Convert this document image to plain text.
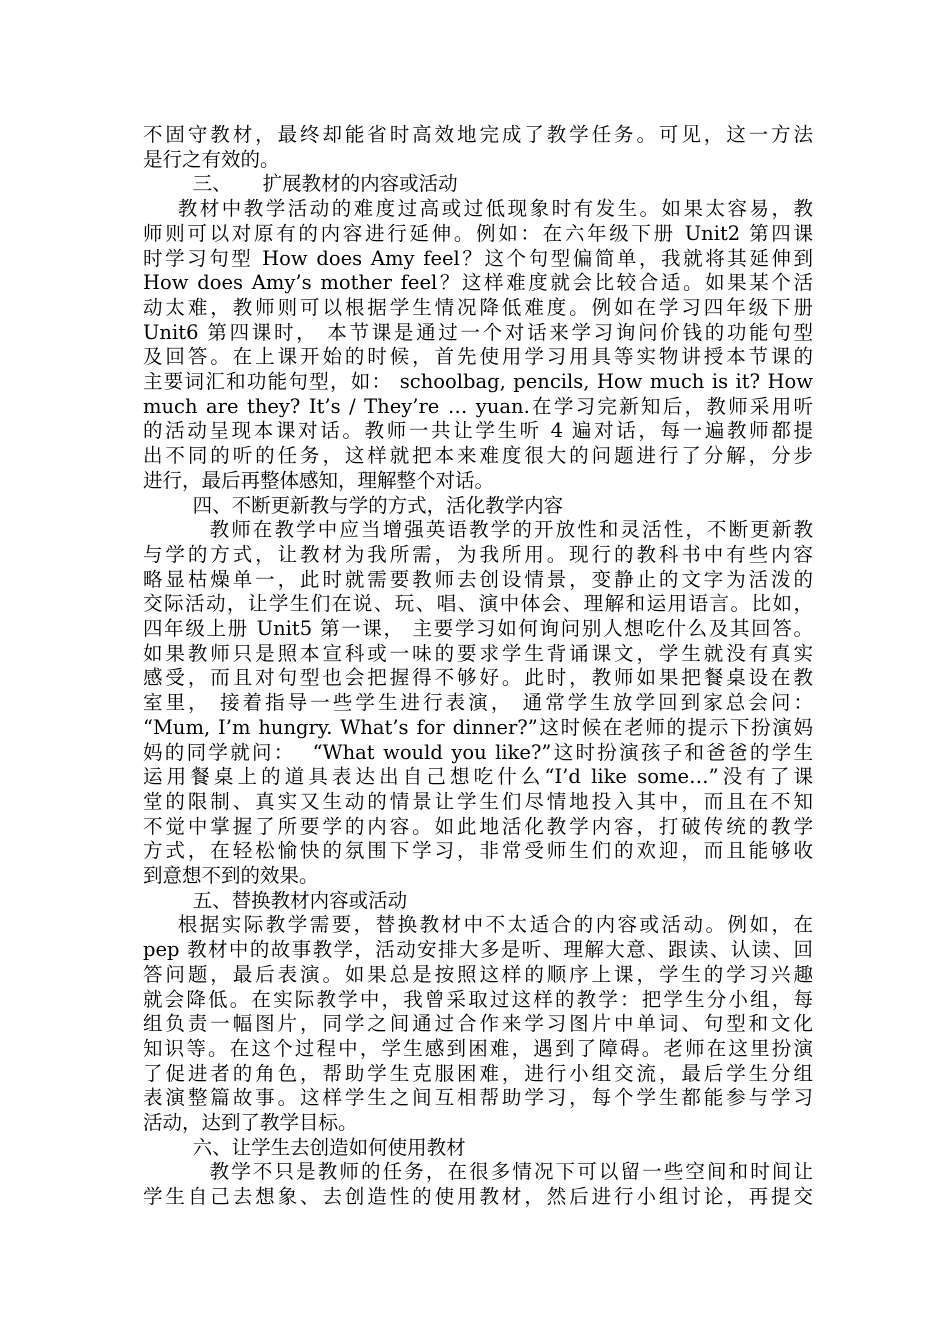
不固守教材，最终却能省时高效地完成了教学任务。可见，这一方法
是行之有效的。
三、     扩展教材的内容或活动
教材中教学活动的难度过高或过低现象时有发生。如果太容易，教
师则可以对原有的内容进行延伸。例如：在六年级下册 Unit2 第四课
时学习句型 How does Amy feel？这个句型偏简单，我就将其延伸到
How does Amy’s mother feel？这样难度就会比较合适。如果某个活
动太难，教师则可以根据学生情况降低难度。例如在学习四年级下册
Unit6 第四课时， 本节课是通过一个对话来学习询问价钱的功能句型
及回答。在上课开始的时候，首先使用学习用具等实物讲授本节课的
主要词汇和功能句型，如： schoolbag, pencils, How much is it? How
much are they? It’s / They’re … yuan.在学习完新知后，教师采用听
的活动呈现本课对话。教师一共让学生听 4 遍对话，每一遍教师都提
出不同的听的任务，这样就把本来难度很大的问题进行了分解，分步
进行，最后再整体感知，理解整个对话。
四、不断更新教与学的方式，活化教学内容
教师在教学中应当增强英语教学的开放性和灵活性，不断更新教
与学的方式，让教材为我所需，为我所用。现行的教科书中有些内容
略显枯燥单一，此时就需要教师去创设情景，变静止的文字为活泼的
交际活动，让学生们在说、玩、唱、演中体会、理解和运用语言。比如，
四年级上册 Unit5 第一课， 主要学习如何询问别人想吃什么及其回答。
如果教师只是照本宣科或一味的要求学生背诵课文，学生就没有真实
感受，而且对句型也会把握得不够好。此时，教师如果把餐桌设在教
室里， 接着指导一些学生进行表演， 通常学生放学回到家总会问：
“Mum, I’m hungry. What’s for dinner?”这时候在老师的提示下扮演妈
妈的同学就问：  “What would you like?”这时扮演孩子和爸爸的学生
运用餐桌上的道具表达出自己想吃什么“I’d like some…”没有了课
堂的限制、真实又生动的情景让学生们尽情地投入其中，而且在不知
不觉中掌握了所要学的内容。如此地活化教学内容，打破传统的教学
方式，在轻松愉快的氛围下学习，非常受师生们的欢迎，而且能够收
到意想不到的效果。
五、替换教材内容或活动
根据实际教学需要，替换教材中不太适合的内容或活动。例如，在
pep 教材中的故事教学，活动安排大多是听、理解大意、跟读、认读、回
答问题，最后表演。如果总是按照这样的顺序上课，学生的学习兴趣
就会降低。在实际教学中，我曾采取过这样的教学：把学生分小组，每
组负责一幅图片，同学之间通过合作来学习图片中单词、句型和文化
知识等。在这个过程中，学生感到困难，遇到了障碍。老师在这里扮演
了促进者的角色，帮助学生克服困难，进行小组交流，最后学生分组
表演整篇故事。这样学生之间互相帮助学习，每个学生都能参与学习
活动，达到了教学目标。
六、让学生去创造如何使用教材
教学不只是教师的任务，在很多情况下可以留一些空间和时间让
学生自己去想象、去创造性的使用教材，然后进行小组讨论，再提交
